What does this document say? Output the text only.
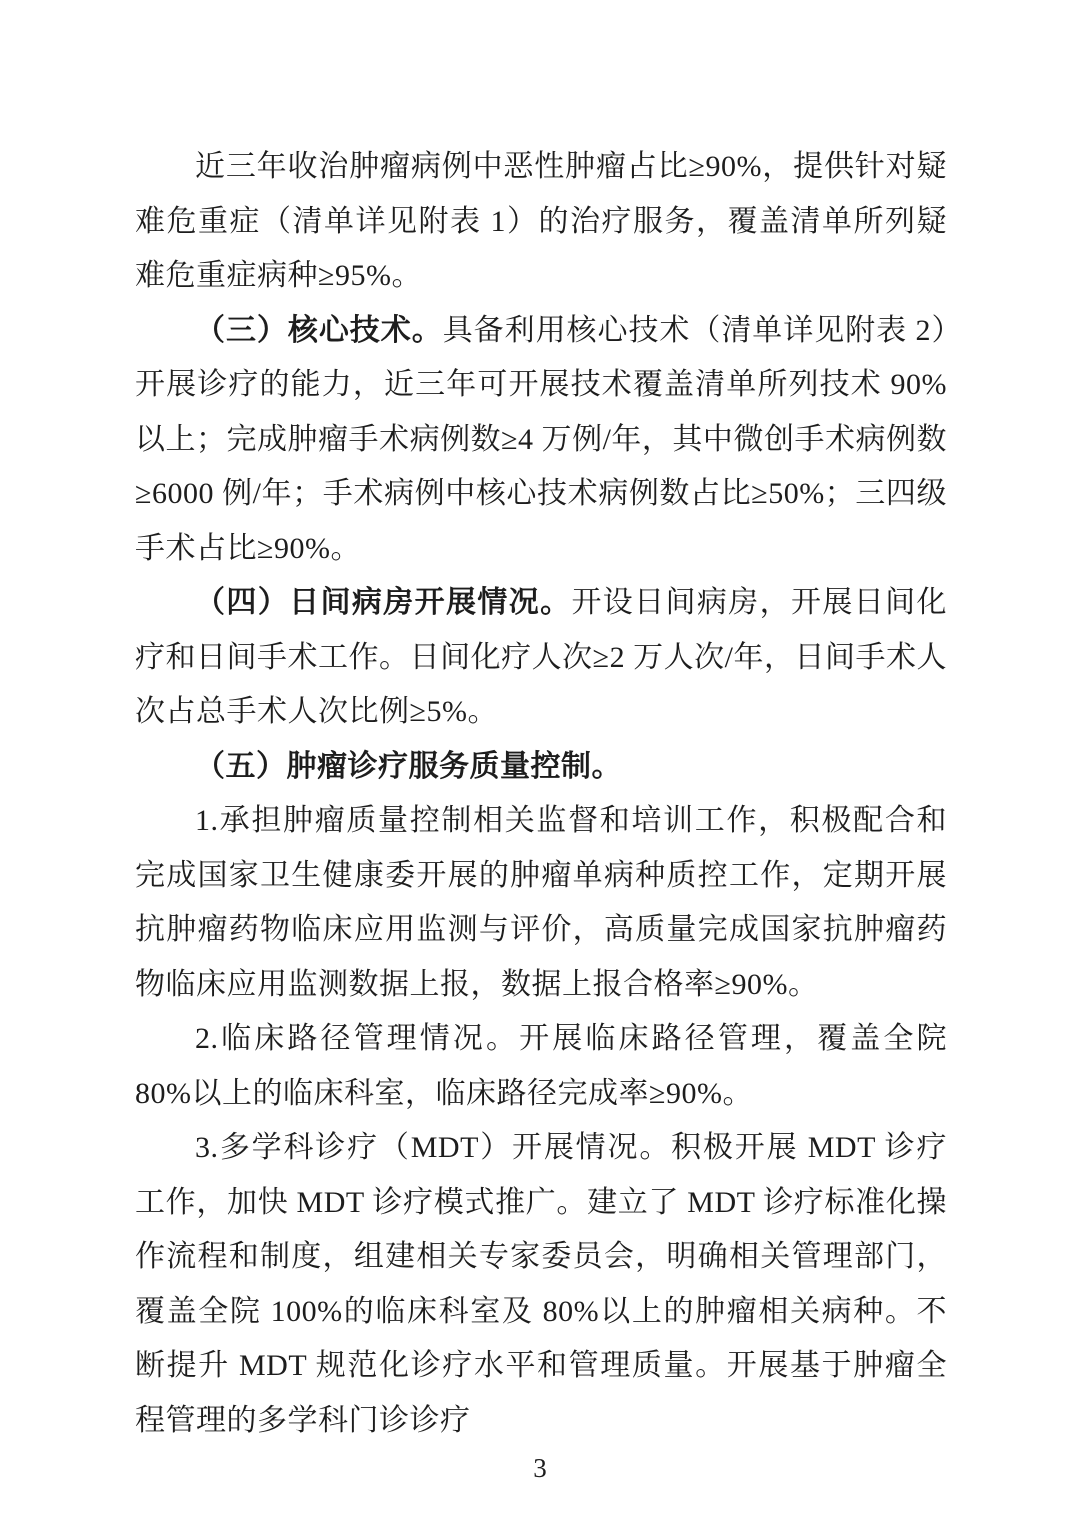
近三年收治肿瘤病例中恶性肿瘤占比≥90%，提供针对疑难危重症（清单详见附表 1）的治疗服务，覆盖清单所列疑难危重症病种≥95%。

（三）核心技术。具备利用核心技术（清单详见附表 2）开展诊疗的能力，近三年可开展技术覆盖清单所列技术 90%以上；完成肿瘤手术病例数≥4 万例/年，其中微创手术病例数≥6000 例/年；手术病例中核心技术病例数占比≥50%；三四级手术占比≥90%。

（四）日间病房开展情况。开设日间病房，开展日间化疗和日间手术工作。日间化疗人次≥2 万人次/年，日间手术人次占总手术人次比例≥5%。

（五）肿瘤诊疗服务质量控制。

1.承担肿瘤质量控制相关监督和培训工作，积极配合和完成国家卫生健康委开展的肿瘤单病种质控工作，定期开展抗肿瘤药物临床应用监测与评价，高质量完成国家抗肿瘤药物临床应用监测数据上报，数据上报合格率≥90%。

2.临床路径管理情况。开展临床路径管理，覆盖全院 80%以上的临床科室，临床路径完成率≥90%。

3.多学科诊疗（MDT）开展情况。积极开展 MDT 诊疗工作，加快 MDT 诊疗模式推广。建立了 MDT 诊疗标准化操作流程和制度，组建相关专家委员会，明确相关管理部门，覆盖全院 100%的临床科室及 80%以上的肿瘤相关病种。不断提升 MDT 规范化诊疗水平和管理质量。开展基于肿瘤全程管理的多学科门诊诊疗

3
